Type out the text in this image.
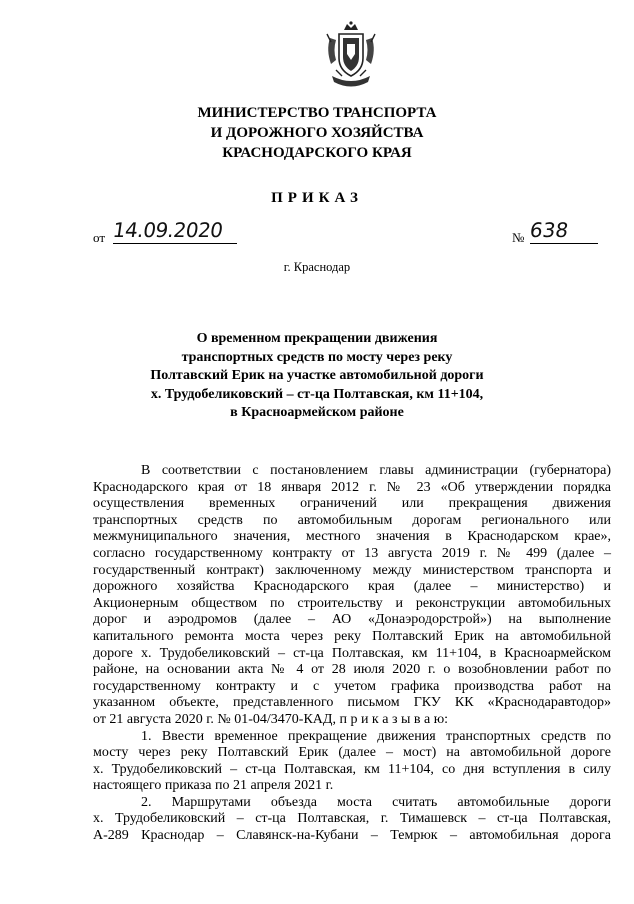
МИНИСТЕРСТВО ТРАНСПОРТА
И ДОРОЖНОГО ХОЗЯЙСТВА
КРАСНОДАРСКОГО КРАЯ
ПРИКАЗ
от 14.09.2020	№ 638
г. Краснодар
О временном прекращении движения
транспортных средств по мосту через реку
Полтавский Ерик на участке автомобильной дороги
х. Трудобеликовский – ст-ца Полтавская, км 11+104,
в Красноармейском районе
В соответствии с постановлением главы администрации (губернатора)
Краснодарского края от 18 января 2012 г. № 23 «Об утверждении порядка
осуществления временных ограничений или прекращения движения
транспортных средств по автомобильным дорогам регионального или
межмуниципального значения, местного значения в Краснодарском крае»,
согласно государственному контракту от 13 августа 2019 г. № 499 (далее –
государственный контракт) заключенному между министерством транспорта и
дорожного хозяйства Краснодарского края (далее – министерство) и
Акционерным обществом по строительству и реконструкции автомобильных
дорог и аэродромов (далее – АО «Донаэродорстрой») на выполнение
капитального ремонта моста через реку Полтавский Ерик на автомобильной
дороге х. Трудобеликовский – ст-ца Полтавская, км 11+104, в Красноармейском
районе, на основании акта № 4 от 28 июля 2020 г. о возобновлении работ по
государственному контракту и с учетом графика производства работ на
указанном объекте, представленного письмом ГКУ КК «Краснодаравтодор»
от 21 августа 2020 г. № 01-04/3470-КАД, п р и к а з ы в а ю:
1. Ввести временное прекращение движения транспортных средств по
мосту через реку Полтавский Ерик (далее – мост) на автомобильной дороге
х. Трудобеликовский – ст-ца Полтавская, км 11+104, со дня вступления в силу
настоящего приказа по 21 апреля 2021 г.
2. Маршрутами объезда моста считать автомобильные дороги
х. Трудобеликовский – ст-ца Полтавская, г. Тимашевск – ст-ца Полтавская,
А-289 Краснодар – Славянск-на-Кубани – Темрюк – автомобильная дорога
